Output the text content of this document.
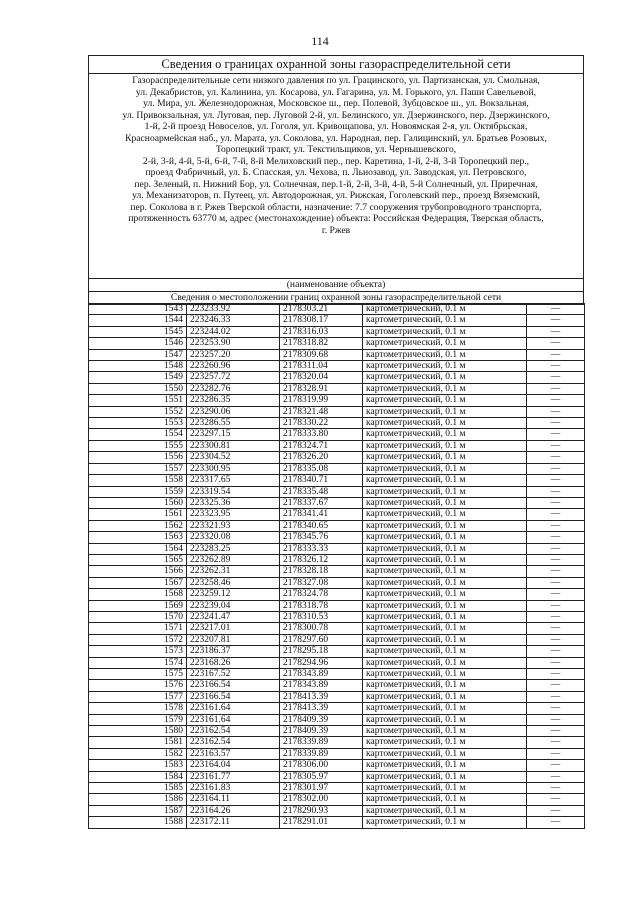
114
Сведения о границах охранной зоны газораспределительной сети
Газораспределительные сети низкого давления по ул. Грацинского, ул. Партизанская, ул. Смольная,
ул. Декабристов, ул. Калинина, ул. Косарова, ул. Гагарина, ул. М. Горького, ул. Паши Савельевой,
ул. Мира, ул. Железнодорожная, Московское ш., пер. Полевой, Зубцовское ш., ул. Вокзальная,
ул. Привокзальная, ул. Луговая, пер. Луговой 2-й, ул. Белинского, ул. Дзержинского, пер. Дзержинского,
1-й, 2-й проезд Новоселов, ул. Гоголя, ул. Кривощапова, ул. Новоямская 2-я, ул. Октябрьская,
Красноармейская наб., ул. Марата, ул. Соколова, ул. Народная, пер. Галицинский, ул. Братьев Розовых,
Торопецкий тракт, ул. Текстильщиков, ул. Чернышевского,
2-й, 3-й, 4-й, 5-й, 6-й, 7-й, 8-й Мелиховский пер., пер. Каретина, 1-й, 2-й, 3-й Торопецкий пер.,
проезд Фабричный, ул. Б. Спасская, ул. Чехова, п. Льнозавод, ул. Заводская, ул. Петровского,
пер. Зеленый, п. Нижний Бор, ул. Солнечная, пер.1-й, 2-й, 3-й, 4-й, 5-й Солнечный, ул. Приречная,
ул. Механизаторов, п. Путеец, ул. Автодорожная, ул. Рижская, Гоголевский пер., проезд Вяземский,
пер. Соколова в г. Ржев Тверской области, назначение: 7.7 сооружения трубопроводного транспорта,
протяженность 63770 м, адрес (местонахождение) объекта: Российская Федерация, Тверская область,
г. Ржев
(наименование объекта)
Сведения о местоположении границ охранной зоны газораспределительной сети
1543	223233.92	2178303.21	картометрический, 0.1 м	—
1544	223246.33	2178308.17	картометрический, 0.1 м	—
1545	223244.02	2178316.03	картометрический, 0.1 м	—
1546	223253.90	2178318.82	картометрический, 0.1 м	—
1547	223257.20	2178309.68	картометрический, 0.1 м	—
1548	223260.96	2178311.04	картометрический, 0.1 м	—
1549	223257.72	2178320.04	картометрический, 0.1 м	—
1550	223282.76	2178328.91	картометрический, 0.1 м	—
1551	223286.35	2178319.99	картометрический, 0.1 м	—
1552	223290.06	2178321.48	картометрический, 0.1 м	—
1553	223286.55	2178330.22	картометрический, 0.1 м	—
1554	223297.15	2178333.80	картометрический, 0.1 м	—
1555	223300.81	2178324.71	картометрический, 0.1 м	—
1556	223304.52	2178326.20	картометрический, 0.1 м	—
1557	223300.95	2178335.08	картометрический, 0.1 м	—
1558	223317.65	2178340.71	картометрический, 0.1 м	—
1559	223319.54	2178335.48	картометрический, 0.1 м	—
1560	223325.36	2178337.67	картометрический, 0.1 м	—
1561	223323.95	2178341.41	картометрический, 0.1 м	—
1562	223321.93	2178340.65	картометрический, 0.1 м	—
1563	223320.08	2178345.76	картометрический, 0.1 м	—
1564	223283.25	2178333.33	картометрический, 0.1 м	—
1565	223262.89	2178326.12	картометрический, 0.1 м	—
1566	223262.31	2178328.18	картометрический, 0.1 м	—
1567	223258.46	2178327.08	картометрический, 0.1 м	—
1568	223259.12	2178324.78	картометрический, 0.1 м	—
1569	223239.04	2178318.78	картометрический, 0.1 м	—
1570	223241.47	2178310.53	картометрический, 0.1 м	—
1571	223217.01	2178300.78	картометрический, 0.1 м	—
1572	223207.81	2178297.60	картометрический, 0.1 м	—
1573	223186.37	2178295.18	картометрический, 0.1 м	—
1574	223168.26	2178294.96	картометрический, 0.1 м	—
1575	223167.52	2178343.89	картометрический, 0.1 м	—
1576	223166.54	2178343.89	картометрический, 0.1 м	—
1577	223166.54	2178413.39	картометрический, 0.1 м	—
1578	223161.64	2178413.39	картометрический, 0.1 м	—
1579	223161.64	2178409.39	картометрический, 0.1 м	—
1580	223162.54	2178409.39	картометрический, 0.1 м	—
1581	223162.54	2178339.89	картометрический, 0.1 м	—
1582	223163.57	2178339.89	картометрический, 0.1 м	—
1583	223164.04	2178306.00	картометрический, 0.1 м	—
1584	223161.77	2178305.97	картометрический, 0.1 м	—
1585	223161.83	2178301.97	картометрический, 0.1 м	—
1586	223164.11	2178302.00	картометрический, 0.1 м	—
1587	223164.26	2178290.93	картометрический, 0.1 м	—
1588	223172.11	2178291.01	картометрический, 0.1 м	—
